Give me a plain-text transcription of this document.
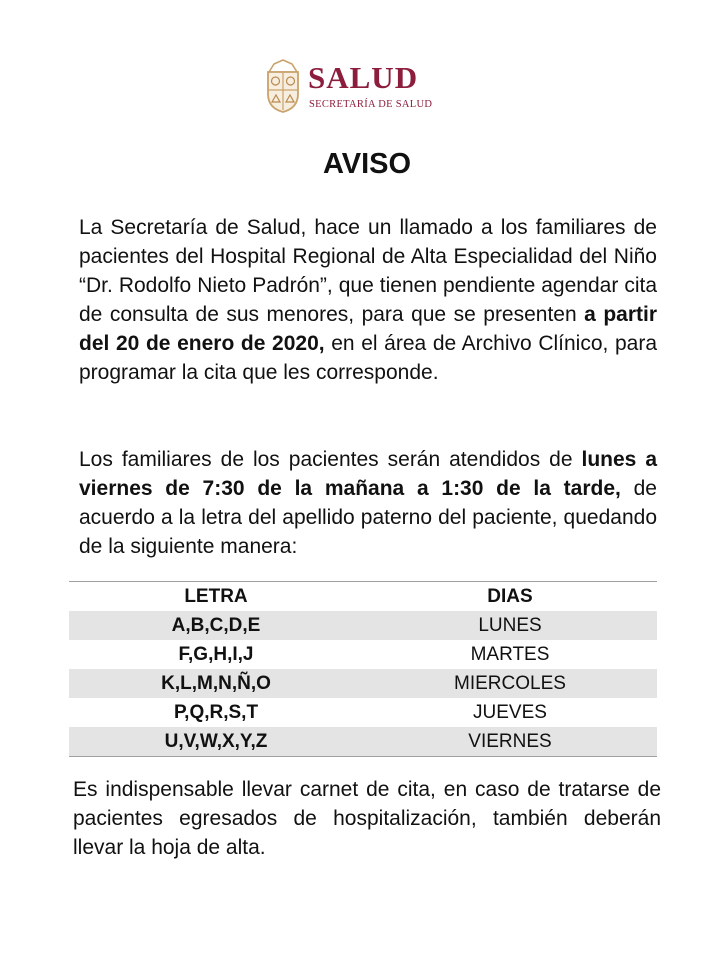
SALUD
SECRETARÍA DE SALUD
AVISO

La Secretaría de Salud, hace un llamado a los familiares de pacientes del Hospital Regional de Alta Especialidad del Niño “Dr. Rodolfo Nieto Padrón”, que tienen pendiente agendar cita de consulta de sus menores, para que se presenten a partir del 20 de enero de 2020, en el área de Archivo Clínico, para programar la cita que les corresponde.

Los familiares de los pacientes serán atendidos de lunes a viernes de 7:30 de la mañana a 1:30 de la tarde, de acuerdo a la letra del apellido paterno del paciente, quedando de la siguiente manera:

LETRA	DIAS
A,B,C,D,E	LUNES
F,G,H,I,J	MARTES
K,L,M,N,Ñ,O	MIERCOLES
P,Q,R,S,T	JUEVES
U,V,W,X,Y,Z	VIERNES

Es indispensable llevar carnet de cita, en caso de tratarse de pacientes egresados de hospitalización, también deberán llevar la hoja de alta.
